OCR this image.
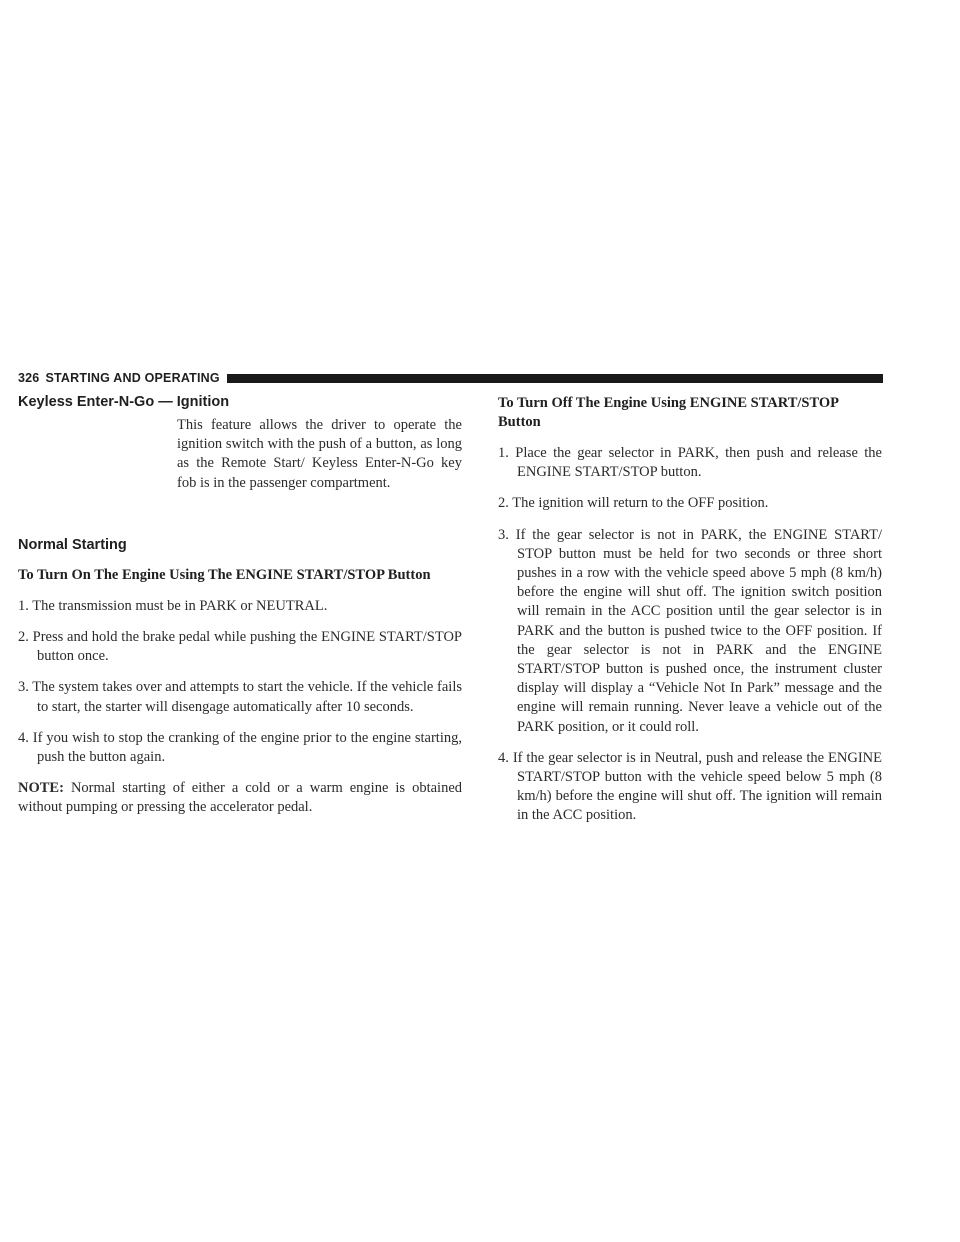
326 STARTING AND OPERATING
Keyless Enter-N-Go — Ignition

This feature allows the driver to operate the ignition switch with the push of a button, as long as the Remote Start/ Keyless Enter-N-Go key fob is in the passenger compartment.

Normal Starting
To Turn On The Engine Using The ENGINE START/STOP Button
1. The transmission must be in PARK or NEUTRAL.
2. Press and hold the brake pedal while pushing the ENGINE START/STOP button once.
3. The system takes over and attempts to start the vehicle. If the vehicle fails to start, the starter will disengage automatically after 10 seconds.
4. If you wish to stop the cranking of the engine prior to the engine starting, push the button again.

NOTE: Normal starting of either a cold or a warm engine is obtained without pumping or pressing the accelerator pedal.

To Turn Off The Engine Using ENGINE START/STOP Button
1. Place the gear selector in PARK, then push and release the ENGINE START/STOP button.
2. The ignition will return to the OFF position.
3. If the gear selector is not in PARK, the ENGINE START/ STOP button must be held for two seconds or three short pushes in a row with the vehicle speed above 5 mph (8 km/h) before the engine will shut off. The ignition switch position will remain in the ACC position until the gear selector is in PARK and the button is pushed twice to the OFF position. If the gear selector is not in PARK and the ENGINE START/STOP button is pushed once, the instrument cluster display will display a “Vehicle Not In Park” message and the engine will remain running. Never leave a vehicle out of the PARK position, or it could roll.
4. If the gear selector is in Neutral, push and release the ENGINE START/STOP button with the vehicle speed below 5 mph (8 km/h) before the engine will shut off. The ignition will remain in the ACC position.
